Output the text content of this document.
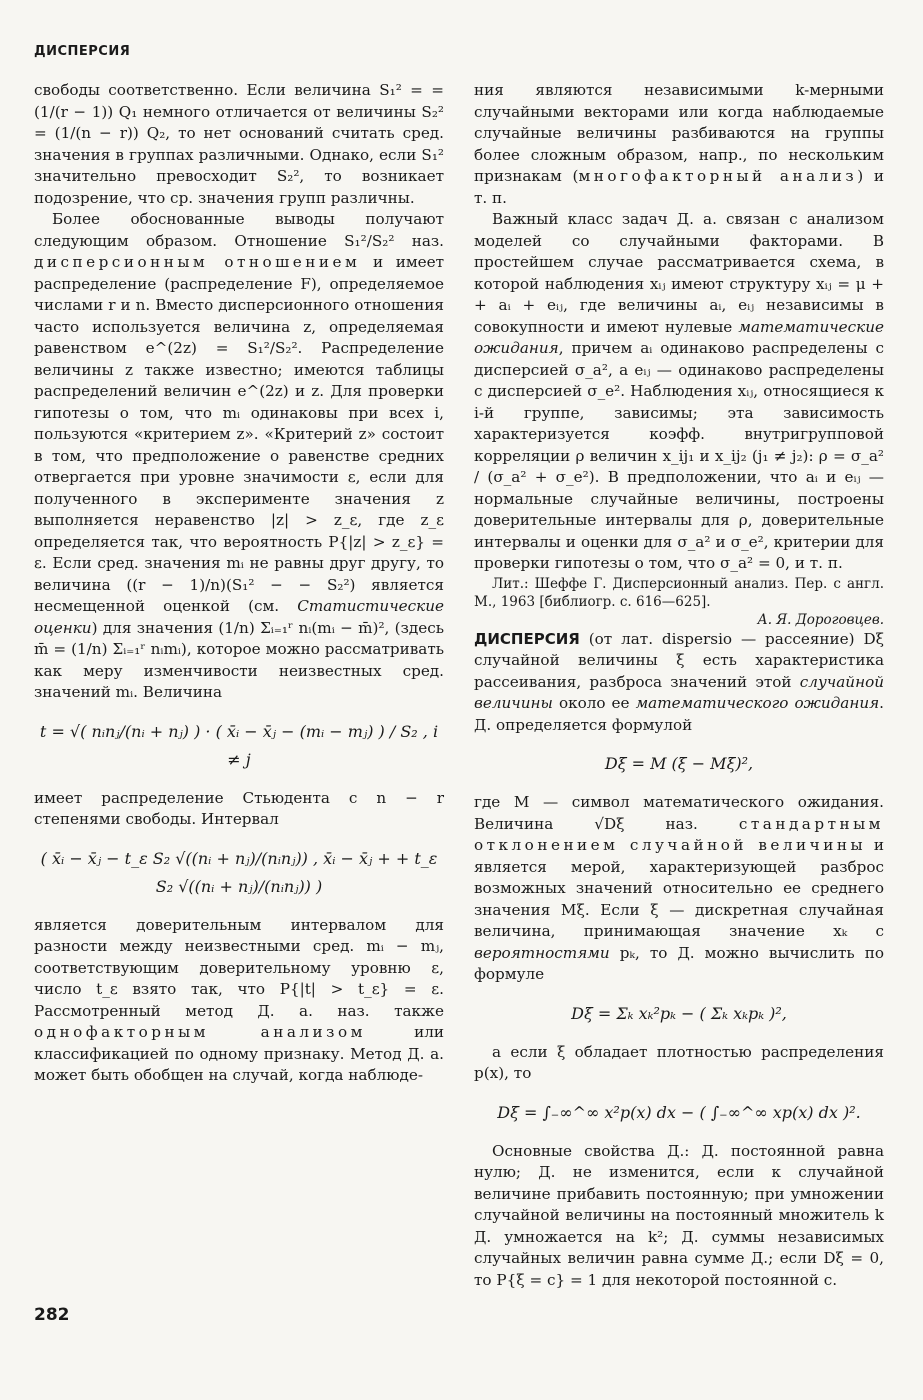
ДИСПЕРСИЯ

свободы соответственно. Если величина S₁² = = (1/(r − 1)) Q₁ немного отличается от величины S₂² = (1/(n − r)) Q₂, то нет оснований считать сред. значения в группах различными. Однако, если S₁² значительно превосходит S₂², то возникает подозрение, что ср. значения групп различны.

Более обоснованные выводы получают следующим образом. Отношение S₁²/S₂² наз. дисперсионным отношением и имеет распределение (распределение F), определяемое числами r и n. Вместо дисперсионного отношения часто используется величина z, определяемая равенством e^(2z) = S₁²/S₂². Распределение величины z также известно; имеются таблицы распределений величин e^(2z) и z. Для проверки гипотезы о том, что mᵢ одинаковы при всех i, пользуются «критерием z». «Критерий z» состоит в том, что предположение о равенстве средних отвергается при уровне значимости ε, если для полученного в эксперименте значения z выполняется неравенство |z| > z_ε, где z_ε определяется так, что вероятность P{|z| > z_ε} = ε. Если сред. значения mᵢ не равны друг другу, то величина ((r − 1)/n)(S₁² − − S₂²) является несмещенной оценкой (см. Статистические оценки) для значения (1/n) Σᵢ₌₁ʳ nᵢ(mᵢ − m̄)², (здесь m̄ = (1/n) Σᵢ₌₁ʳ nᵢmᵢ), которое можно рассматривать как меру изменчивости неизвестных сред. значений mᵢ. Величина

t = √( nᵢnⱼ/(nᵢ + nⱼ) ) · ( x̄ᵢ − x̄ⱼ − (mᵢ − mⱼ) ) / S₂ , i ≠ j

имеет распределение Стьюдента с n − r степенями свободы. Интервал

( x̄ᵢ − x̄ⱼ − t_ε S₂ √((nᵢ + nⱼ)/(nᵢnⱼ)) , x̄ᵢ − x̄ⱼ + + t_ε S₂ √((nᵢ + nⱼ)/(nᵢnⱼ)) )

является доверительным интервалом для разности между неизвестными сред. mᵢ − mⱼ, соответствующим доверительному уровню ε, число t_ε взято так, что P{|t| > t_ε} = ε. Рассмотренный метод Д. а. наз. также однофакторным анализом	или классификацией по одному признаку. Метод Д. а. может быть обобщен на случай, когда наблюде-

ния являются независимыми k-мерными случайными векторами или когда наблюдаемые случайные величины разбиваются на группы более сложным образом, напр., по нескольким признакам (многофакторный анализ) и т. п.

Важный класс задач Д. а. связан с анализом моделей со случайными факторами. В простейшем случае рассматривается схема, в которой наблюдения xᵢⱼ имеют структуру xᵢⱼ = μ + + aᵢ + eᵢⱼ, где величины aᵢ, eᵢⱼ независимы в совокупности и имеют нулевые математические ожидания, причем aᵢ одинаково распределены с дисперсией σ_a², а eᵢⱼ — одинаково распределены с дисперсией σ_e². Наблюдения xᵢⱼ, относящиеся к i-й группе, зависимы; эта зависимость характеризуется коэфф. внутригрупповой корреляции ρ величин x_ij₁ и x_ij₂ (j₁ ≠ j₂): ρ = σ_a² / (σ_a² + σ_e²). В предположении, что aᵢ и eᵢⱼ — нормальные случайные величины, построены доверительные интервалы для ρ, доверительные интервалы и оценки для σ_a² и σ_e², критерии для проверки гипотезы о том, что σ_a² = 0, и т. п.

Лит.: Шеффе Г. Дисперсионный анализ. Пер. с англ. М., 1963 [библиогр. с. 616—625].

А. Я. Дороговцев.

ДИСПЕРСИЯ (от лат. dispersio — рассеяние) Dξ случайной величины ξ есть характеристика рассеивания, разброса значений этой случайной величины около ее математического ожидания. Д. определяется формулой

Dξ = M (ξ − Mξ)²,

где M — символ математического ожидания. Величина √Dξ наз.	стандартным отклонением случайной величины и является мерой, характеризующей разброс возможных значений относительно ее среднего значения Mξ. Если ξ — дискретная случайная величина, принимающая значение xₖ с вероятностями pₖ, то Д. можно вычислить по формуле

Dξ = Σₖ xₖ²pₖ − ( Σₖ xₖpₖ )²,

а если ξ обладает плотностью распределения p(x), то

Dξ = ∫₋∞^∞ x²p(x) dx − ( ∫₋∞^∞ xp(x) dx )².

Основные свойства Д.: Д. постоянной равна нулю; Д. не изменится, если к случайной величине прибавить постоянную; при умножении случайной величины на постоянный множитель k Д. умножается на k²; Д. суммы независимых случайных величин равна сумме Д.; если Dξ = 0, то P{ξ = c} = 1 для некоторой постоянной c.

282
